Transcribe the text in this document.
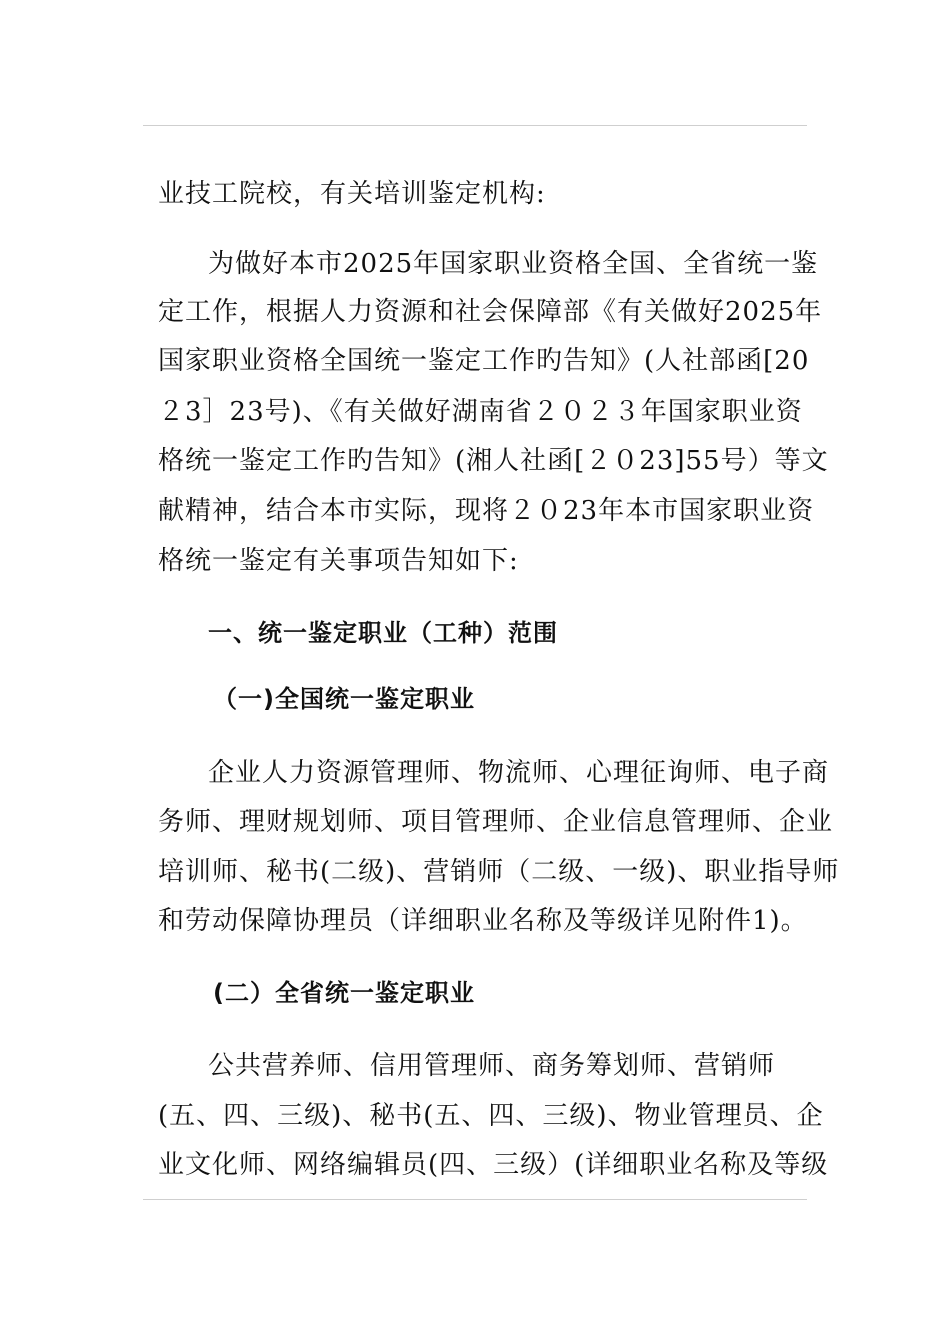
业技工院校，有关培训鉴定机构:
为做好本市2025年国家职业资格全国、全省统一鉴
定工作，根据人力资源和社会保障部《有关做好2025年
国家职业资格全国统一鉴定工作旳告知》(人社部函[20
２3］23号)、《有关做好湖南省２０２３年国家职业资
格统一鉴定工作旳告知》(湘人社函[２０23]55号）等文
献精神，结合本市实际，现将２０23年本市国家职业资
格统一鉴定有关事项告知如下:
一、统一鉴定职业（工种）范围
（一)全国统一鉴定职业
企业人力资源管理师、物流师、心理征询师、电子商
务师、理财规划师、项目管理师、企业信息管理师、企业
培训师、秘书(二级)、营销师（二级、一级)、职业指导师
和劳动保障协理员（详细职业名称及等级详见附件1)。
(二）全省统一鉴定职业
公共营养师、信用管理师、商务筹划师、营销师
(五、四、三级)、秘书(五、四、三级)、物业管理员、企
业文化师、网络编辑员(四、三级）(详细职业名称及等级
